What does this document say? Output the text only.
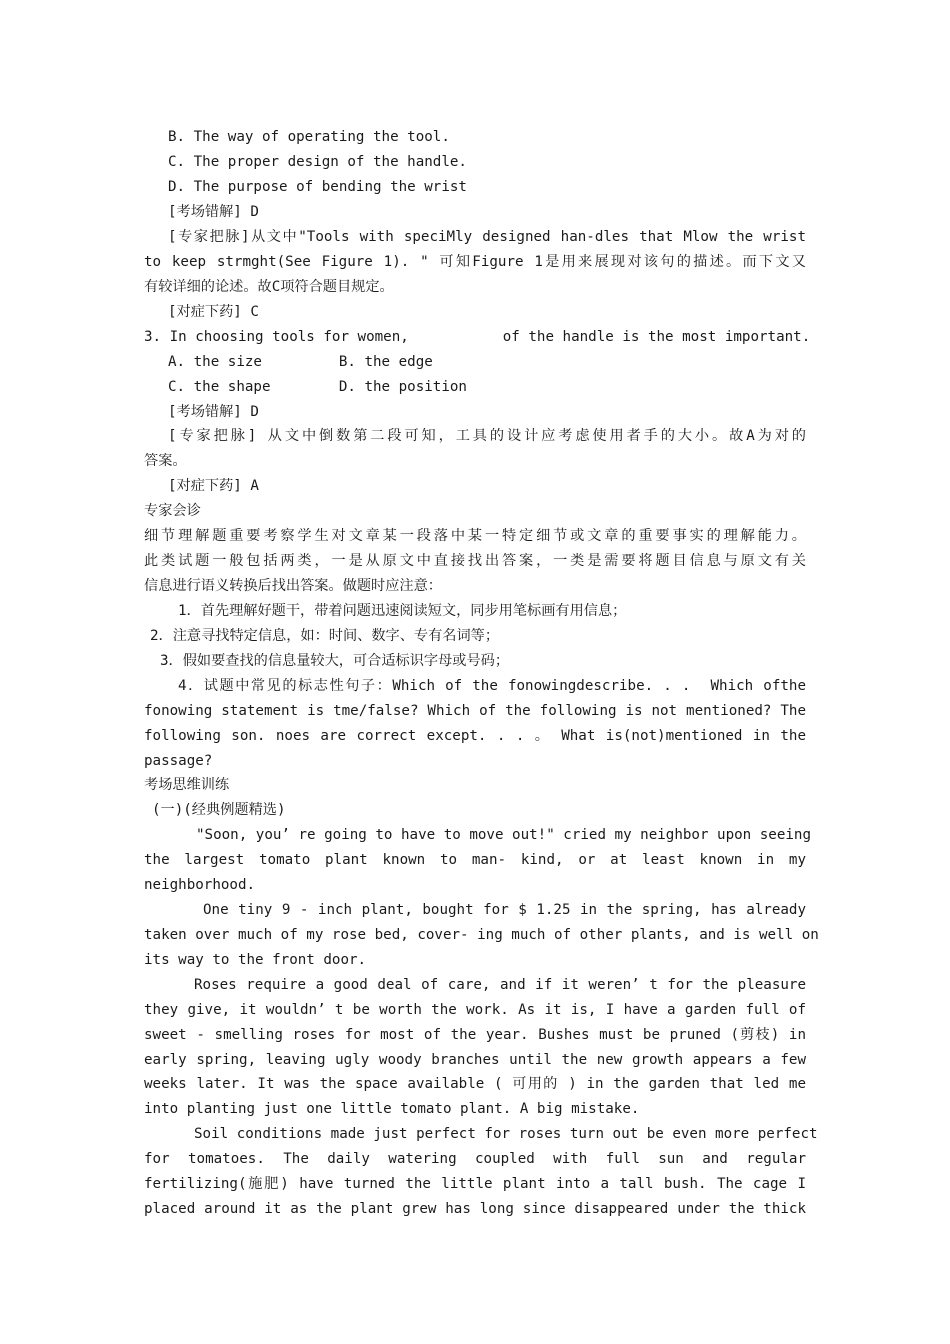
B. The way of operating the tool.
C. The proper design of the handle.
D. The purpose of bending the wrist
[考场错解] D
[专家把脉]从文中"Tools with speciMly designed han-dles that Mlow the wrist
to keep strmght(See Figure 1). " 可知Figure 1是用来展现对该句的描述。而下文又
有较详细的论述。故C项符合题目规定。
[对症下药] C
3. In choosing tools for women,           of the handle is the most important.
A. the size         B. the edge
C. the shape        D. the position
[考场错解] D
[专家把脉] 从文中倒数第二段可知，工具的设计应考虑使用者手的大小。故A为对的
答案。
[对症下药] A
专家会诊
细节理解题重要考察学生对文章某一段落中某一特定细节或文章的重要事实的理解能力。
此类试题一般包括两类，一是从原文中直接找出答案，一类是需要将题目信息与原文有关
信息进行语义转换后找出答案。做题时应注意：
1．首先理解好题干，带着问题迅速阅读短文，同步用笔标画有用信息；
2．注意寻找特定信息，如：时间、数字、专有名词等；
3．假如要查找的信息量较大，可合适标识字母或号码；
4．试题中常见的标志性句子：Which of the fonowingdescribe. . .  Which ofthe
fonowing statement is tme/false? Which of the following is not mentioned? The
following son. noes are correct except. . . 。 What is(not)mentioned in the
passage?
考场思维训练
(一)(经典例题精选)
"Soon, you’ re going to have to move out!" cried my neighbor upon seeing
the largest tomato plant known to man- kind, or at least known in my
neighborhood.
One tiny 9 - inch plant, bought for $ 1.25 in the spring, has already
taken over much of my rose bed, cover- ing much of other plants, and is well on
its way to the front door.
Roses require a good deal of care, and if it weren’ t for the pleasure
they give, it wouldn’ t be worth the work. As it is, I have a garden full of
sweet - smelling roses for most of the year. Bushes must be pruned (剪枝) in
early spring, leaving ugly woody branches until the new growth appears a few
weeks later. It was the space available ( 可用的 ) in the garden that led me
into planting just one little tomato plant. A big mistake.
Soil conditions made just perfect for roses turn out be even more perfect
for tomatoes. The daily watering coupled with full sun and regular
fertilizing(施肥) have turned the little plant into a tall bush. The cage I
placed around it as the plant grew has long since disappeared under the thick
